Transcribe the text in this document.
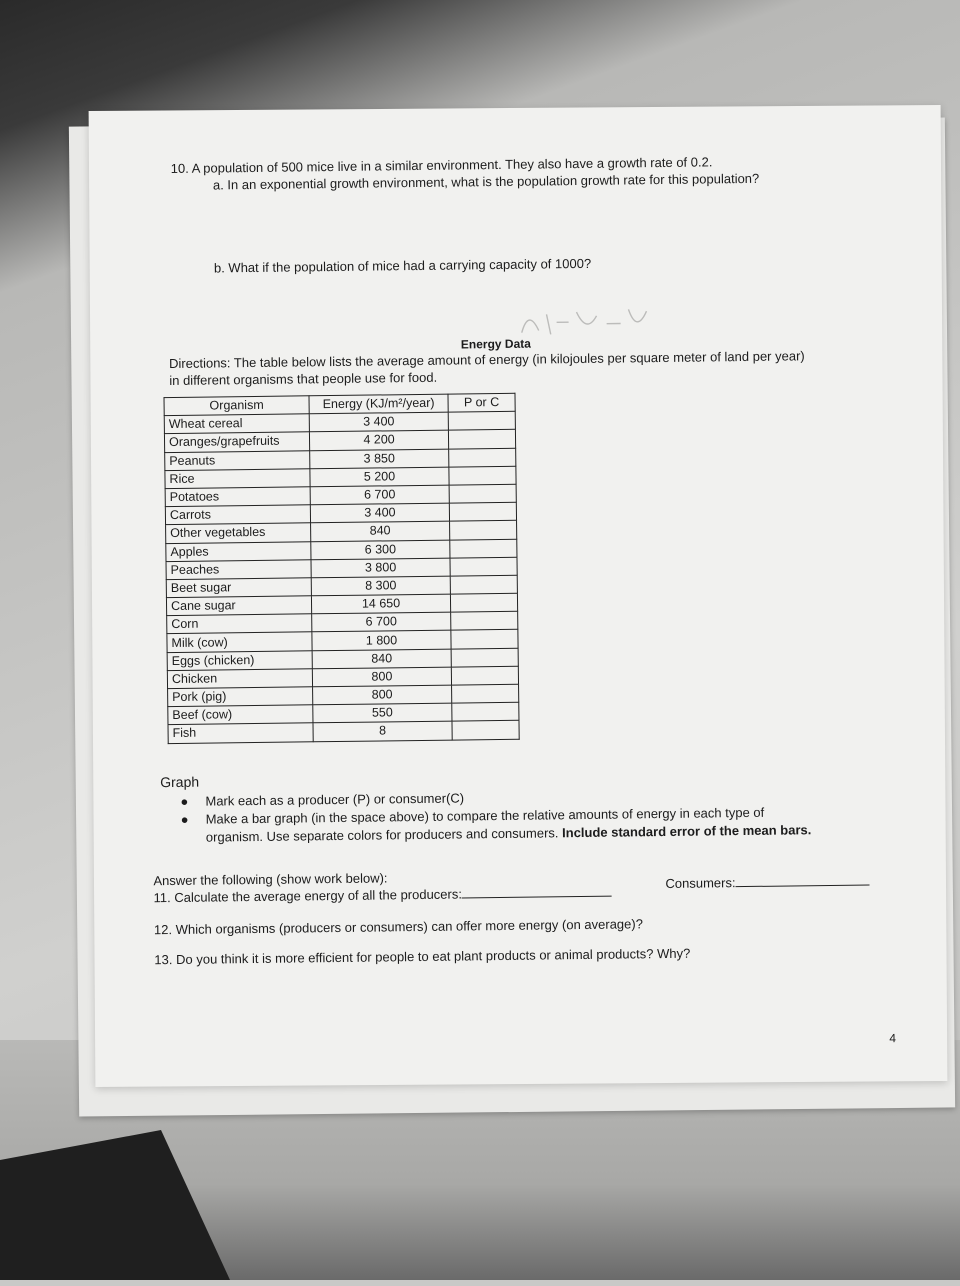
10. A population of 500 mice live in a similar environment. They also have a growth rate of 0.2.
a. In an exponential growth environment, what is the population growth rate for this population?
b. What if the population of mice had a carrying capacity of 1000?
Energy Data
Directions: The table below lists the average amount of energy (in kilojoules per square meter of land per year)
in different organisms that people use for food.
Organism	Energy (KJ/m²/year)	P or C
Wheat cereal	3 400	
Oranges/grapefruits	4 200	
Peanuts	3 850	
Rice	5 200	
Potatoes	6 700	
Carrots	3 400	
Other vegetables	840	
Apples	6 300	
Peaches	3 800	
Beet sugar	8 300	
Cane sugar	14 650	
Corn	6 700	
Milk (cow)	1 800	
Eggs (chicken)	840	
Chicken	800	
Pork (pig)	800	
Beef (cow)	550	
Fish	8	
Graph
● Mark each as a producer (P) or consumer(C)
● Make a bar graph (in the space above) to compare the relative amounts of energy in each type of
organism. Use separate colors for producers and consumers. Include standard error of the mean bars.
Answer the following (show work below):
11. Calculate the average energy of all the producers:
Consumers:
12. Which organisms (producers or consumers) can offer more energy (on average)?
13. Do you think it is more efficient for people to eat plant products or animal products? Why?
4
